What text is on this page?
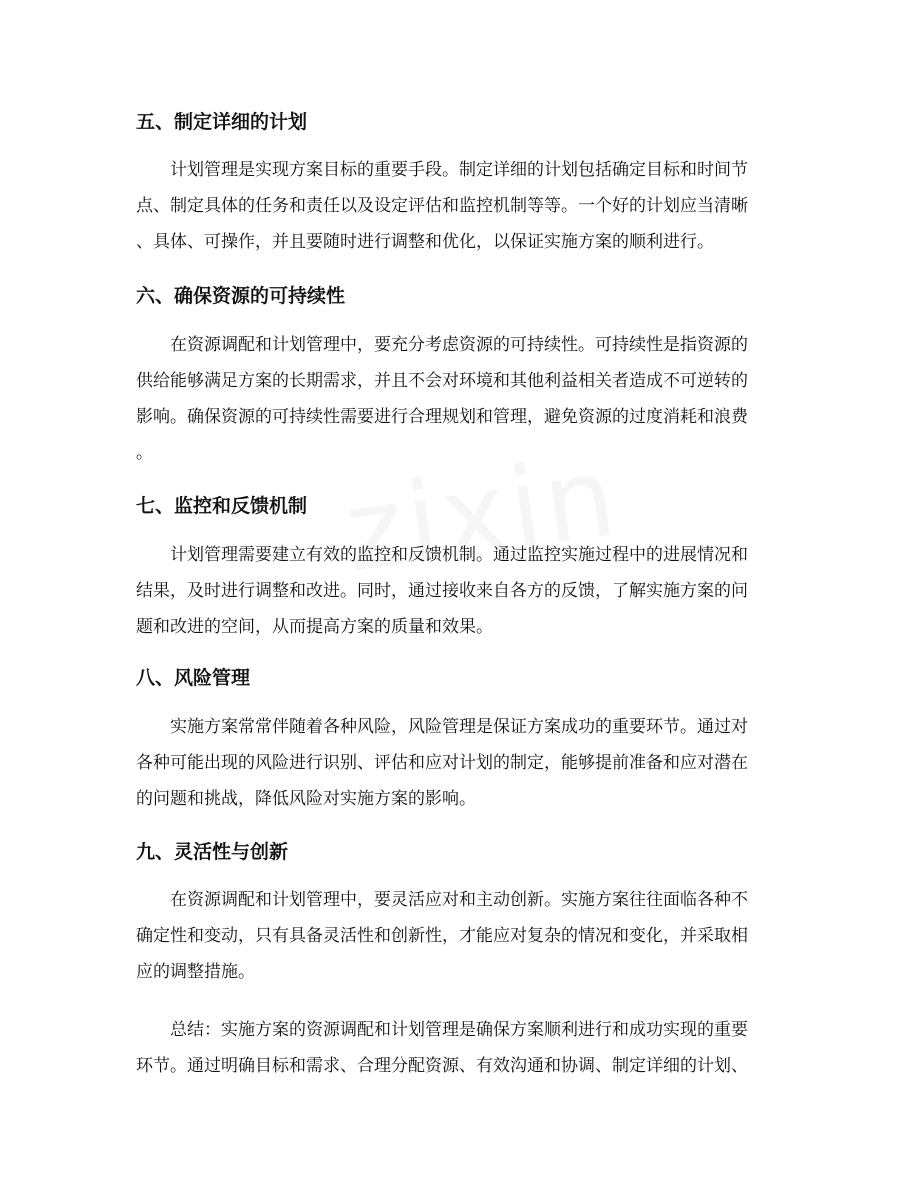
五、制定详细的计划

计划管理是实现方案目标的重要手段。制定详细的计划包括确定目标和时间节
点、制定具体的任务和责任以及设定评估和监控机制等等。一个好的计划应当清晰
、具体、可操作，并且要随时进行调整和优化，以保证实施方案的顺利进行。

六、确保资源的可持续性

在资源调配和计划管理中，要充分考虑资源的可持续性。可持续性是指资源的
供给能够满足方案的长期需求，并且不会对环境和其他利益相关者造成不可逆转的
影响。确保资源的可持续性需要进行合理规划和管理，避免资源的过度消耗和浪费
。

七、监控和反馈机制

计划管理需要建立有效的监控和反馈机制。通过监控实施过程中的进展情况和
结果，及时进行调整和改进。同时，通过接收来自各方的反馈，了解实施方案的问
题和改进的空间，从而提高方案的质量和效果。

八、风险管理

实施方案常常伴随着各种风险，风险管理是保证方案成功的重要环节。通过对
各种可能出现的风险进行识别、评估和应对计划的制定，能够提前准备和应对潜在
的问题和挑战，降低风险对实施方案的影响。

九、灵活性与创新

在资源调配和计划管理中，要灵活应对和主动创新。实施方案往往面临各种不
确定性和变动，只有具备灵活性和创新性，才能应对复杂的情况和变化，并采取相
应的调整措施。

总结：实施方案的资源调配和计划管理是确保方案顺利进行和成功实现的重要
环节。通过明确目标和需求、合理分配资源、有效沟通和协调、制定详细的计划、
